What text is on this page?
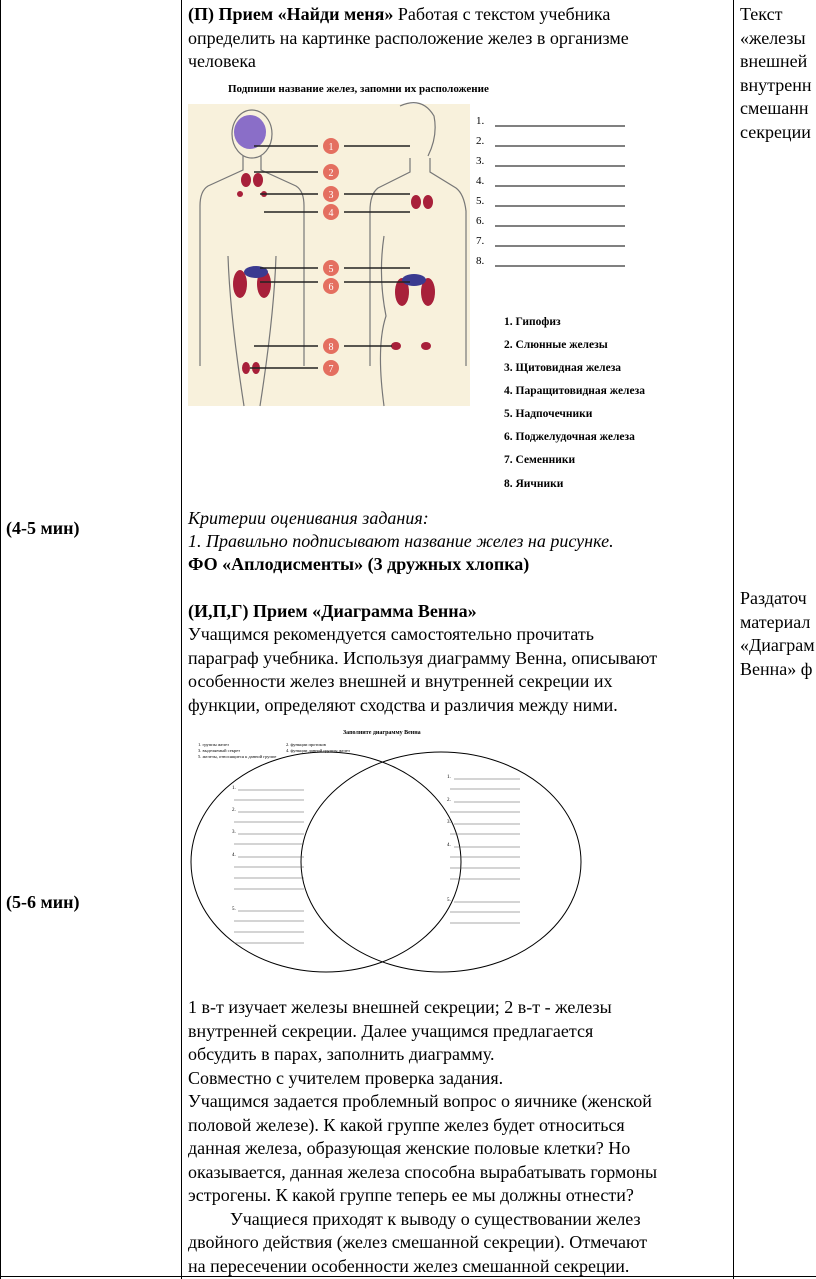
(4-5 мин)
(5-6 мин)
(П) Прием «Найди меня» Работая с текстом учебника
определить на картинке расположение желез в организме
человека
Подпиши название желез, запомни их расположение
1
2
3
4
5
6
8
7
1.
2.
3.
4.
5.
6.
7.
8.
1. Гипофиз
2. Слюнные железы
3. Щитовидная железа
4. Паращитовидная железа
5. Надпочечники
6. Поджелудочная железа
7. Семенники
8. Яичники
Критерии оценивания задания:
1. Правильно подписывают название желез на рисунке.
ФО «Аплодисменты» (3 дружных хлопка)
(И,П,Г) Прием «Диаграмма Венна»
Учащимся рекомендуется самостоятельно прочитать
параграф учебника. Используя диаграмму Венна, описывают
особенности желез внешней и внутренней секреции их
функции, определяют сходства и различия между ними.
Заполните диаграмму Венна
1. группы желез
3. выделяемый секрет
5. железы, относящиеся к данной группе
2. функции протоков
4. функции данной группы желез
1.
2.
3.
4.
5.
1.
2.
3.
4.
5.
1 в-т изучает железы внешней секреции; 2 в-т - железы
внутренней секреции. Далее учащимся предлагается
обсудить в парах, заполнить диаграмму.
Совместно с учителем проверка задания.
Учащимся задается проблемный вопрос о яичнике (женской
половой железе). К какой группе желез будет относиться
данная железа, образующая женские половые клетки? Но
оказывается, данная железа способна вырабатывать гормоны
эстрогены. К какой группе теперь ее мы должны отнести?
Учащиеся приходят к выводу о существовании желез
двойного действия (желез смешанной секреции). Отмечают
на пересечении особенности желез смешанной секреции.
Текст
«железы
внешней
внутренн
смешанн
секреции
Раздаточ
материал
«Диаграм
Венна» ф
